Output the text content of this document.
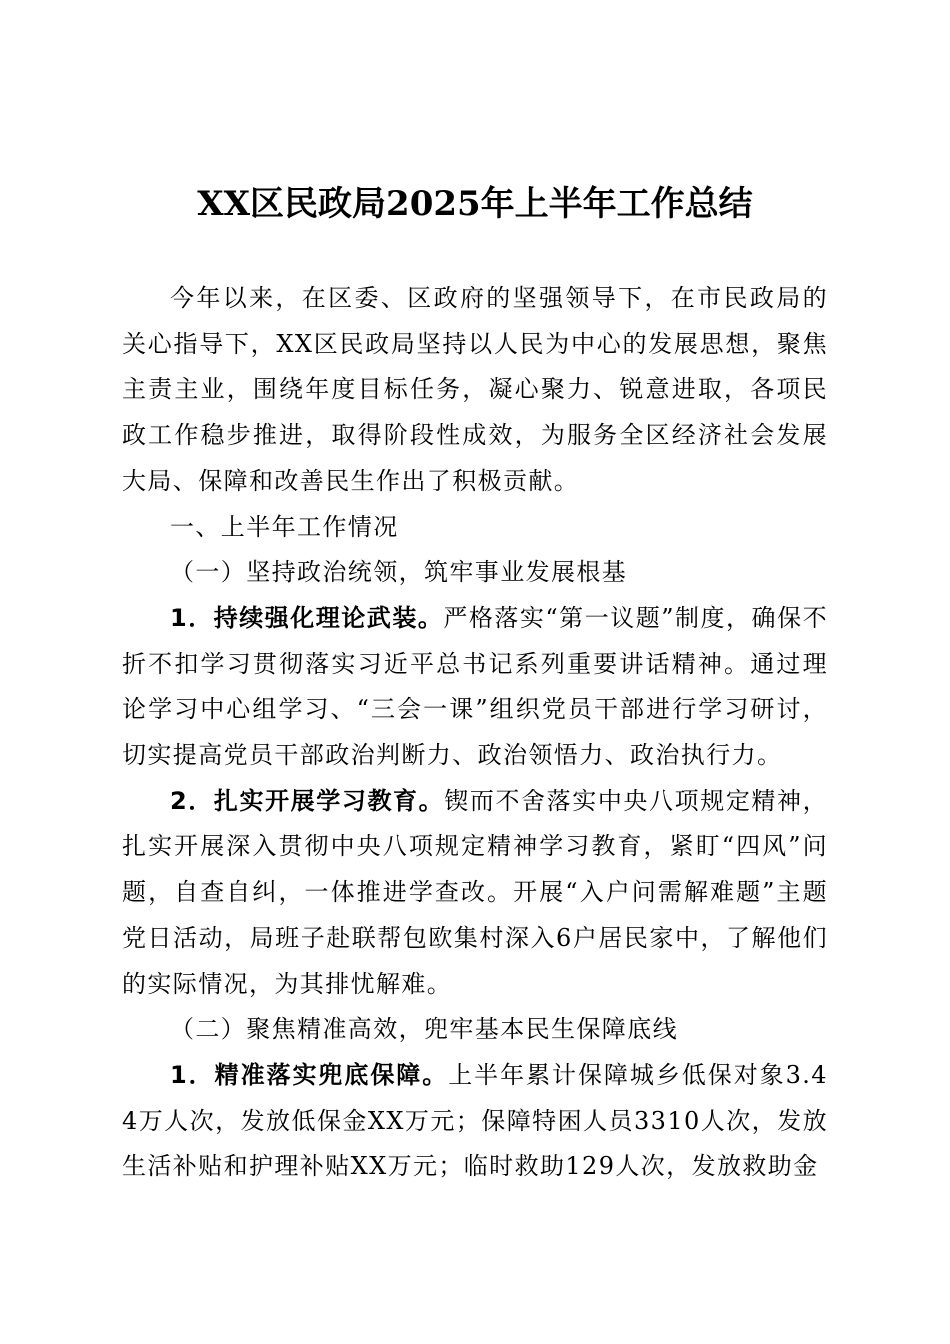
XX区民政局2025年上半年工作总结

今年以来，在区委、区政府的坚强领导下，在市民政局的关心指导下，XX区民政局坚持以人民为中心的发展思想，聚焦主责主业，围绕年度目标任务，凝心聚力、锐意进取，各项民政工作稳步推进，取得阶段性成效，为服务全区经济社会发展大局、保障和改善民生作出了积极贡献。

一、上半年工作情况

（一）坚持政治统领，筑牢事业发展根基

1．持续强化理论武装。严格落实“第一议题”制度，确保不折不扣学习贯彻落实习近平总书记系列重要讲话精神。通过理论学习中心组学习、“三会一课”组织党员干部进行学习研讨，切实提高党员干部政治判断力、政治领悟力、政治执行力。

2．扎实开展学习教育。锲而不舍落实中央八项规定精神，扎实开展深入贯彻中央八项规定精神学习教育，紧盯“四风”问题，自查自纠，一体推进学查改。开展“入户问需解难题”主题党日活动，局班子赴联帮包欧集村深入6户居民家中，了解他们的实际情况，为其排忧解难。

（二）聚焦精准高效，兜牢基本民生保障底线

1．精准落实兜底保障。上半年累计保障城乡低保对象3.44万人次，发放低保金XX万元；保障特困人员3310人次，发放生活补贴和护理补贴XX万元；临时救助129人次，发放救助金
